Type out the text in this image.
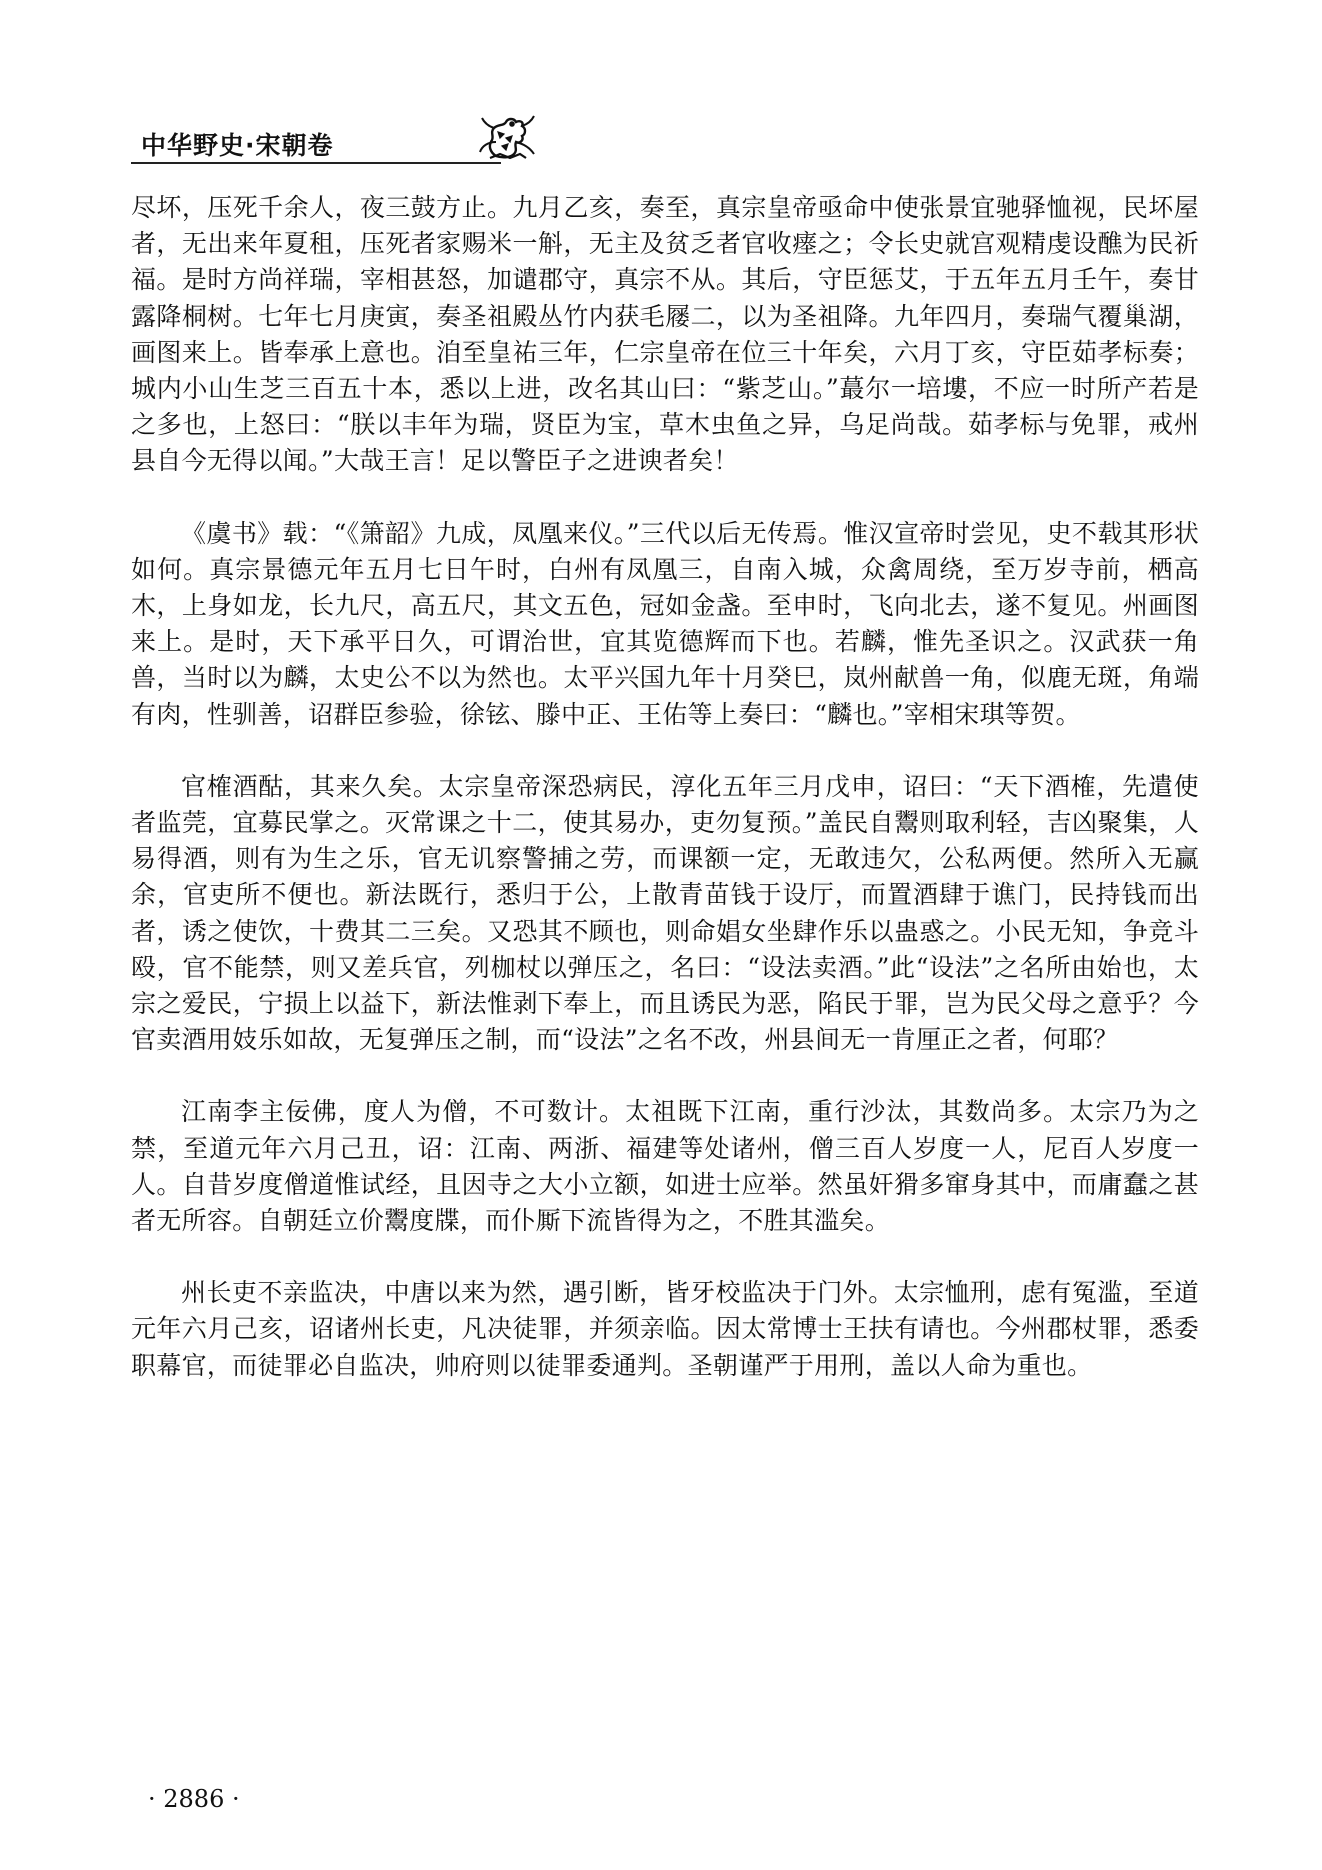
中华野史·宋朝卷

尽坏，压死千余人，夜三鼓方止。九月乙亥，奏至，真宗皇帝亟命中使张景宜驰驿恤视，民坏屋者，无出来年夏租，压死者家赐米一斛，无主及贫乏者官收瘗之；令长史就宫观精虔设醮为民祈福。是时方尚祥瑞，宰相甚怒，加谴郡守，真宗不从。其后，守臣惩艾，于五年五月壬午，奏甘露降桐树。七年七月庚寅，奏圣祖殿丛竹内获毛屦二，以为圣祖降。九年四月，奏瑞气覆巢湖，画图来上。皆奉承上意也。洎至皇祐三年，仁宗皇帝在位三十年矣，六月丁亥，守臣茹孝标奏；城内小山生芝三百五十本，悉以上进，改名其山曰：“紫芝山。”蕞尔一培塿，不应一时所产若是之多也，上怒曰：“朕以丰年为瑞，贤臣为宝，草木虫鱼之异，乌足尚哉。茹孝标与免罪，戒州县自今无得以闻。”大哉王言！足以警臣子之进谀者矣！

《虞书》载：“《箫韶》九成，凤凰来仪。”三代以后无传焉。惟汉宣帝时尝见，史不载其形状如何。真宗景德元年五月七日午时，白州有凤凰三，自南入城，众禽周绕，至万岁寺前，栖高木，上身如龙，长九尺，高五尺，其文五色，冠如金盏。至申时，飞向北去，遂不复见。州画图来上。是时，天下承平日久，可谓治世，宜其览德辉而下也。若麟，惟先圣识之。汉武获一角兽，当时以为麟，太史公不以为然也。太平兴国九年十月癸巳，岚州献兽一角，似鹿无斑，角端有肉，性驯善，诏群臣参验，徐铉、滕中正、王佑等上奏曰：“麟也。”宰相宋琪等贺。

官榷酒酤，其来久矣。太宗皇帝深恐病民，淳化五年三月戊申，诏曰：“天下酒榷，先遣使者监莞，宜募民掌之。灭常课之十二，使其易办，吏勿复预。”盖民自鬻则取利轻，吉凶聚集，人易得酒，则有为生之乐，官无讥察警捕之劳，而课额一定，无敢违欠，公私两便。然所入无赢余，官吏所不便也。新法既行，悉归于公，上散青苗钱于设厅，而置酒肆于谯门，民持钱而出者，诱之使饮，十费其二三矣。又恐其不顾也，则命娼女坐肆作乐以蛊惑之。小民无知，争竞斗殴，官不能禁，则又差兵官，列枷杖以弹压之，名曰：“设法卖酒。”此“设法”之名所由始也，太宗之爱民，宁损上以益下，新法惟剥下奉上，而且诱民为恶，陷民于罪，岂为民父母之意乎？今官卖酒用妓乐如故，无复弹压之制，而“设法”之名不改，州县间无一肯厘正之者，何耶？

江南李主佞佛，度人为僧，不可数计。太祖既下江南，重行沙汰，其数尚多。太宗乃为之禁，至道元年六月己丑，诏：江南、两浙、福建等处诸州，僧三百人岁度一人，尼百人岁度一人。自昔岁度僧道惟试经，且因寺之大小立额，如进士应举。然虽奸猾多窜身其中，而庸蠢之甚者无所容。自朝廷立价鬻度牒，而仆厮下流皆得为之，不胜其滥矣。

州长吏不亲监决，中唐以来为然，遇引断，皆牙校监决于门外。太宗恤刑，虑有冤滥，至道元年六月己亥，诏诸州长吏，凡决徒罪，并须亲临。因太常博士王扶有请也。今州郡杖罪，悉委职幕官，而徒罪必自监决，帅府则以徒罪委通判。圣朝谨严于用刑，盖以人命为重也。

· 2886 ·
